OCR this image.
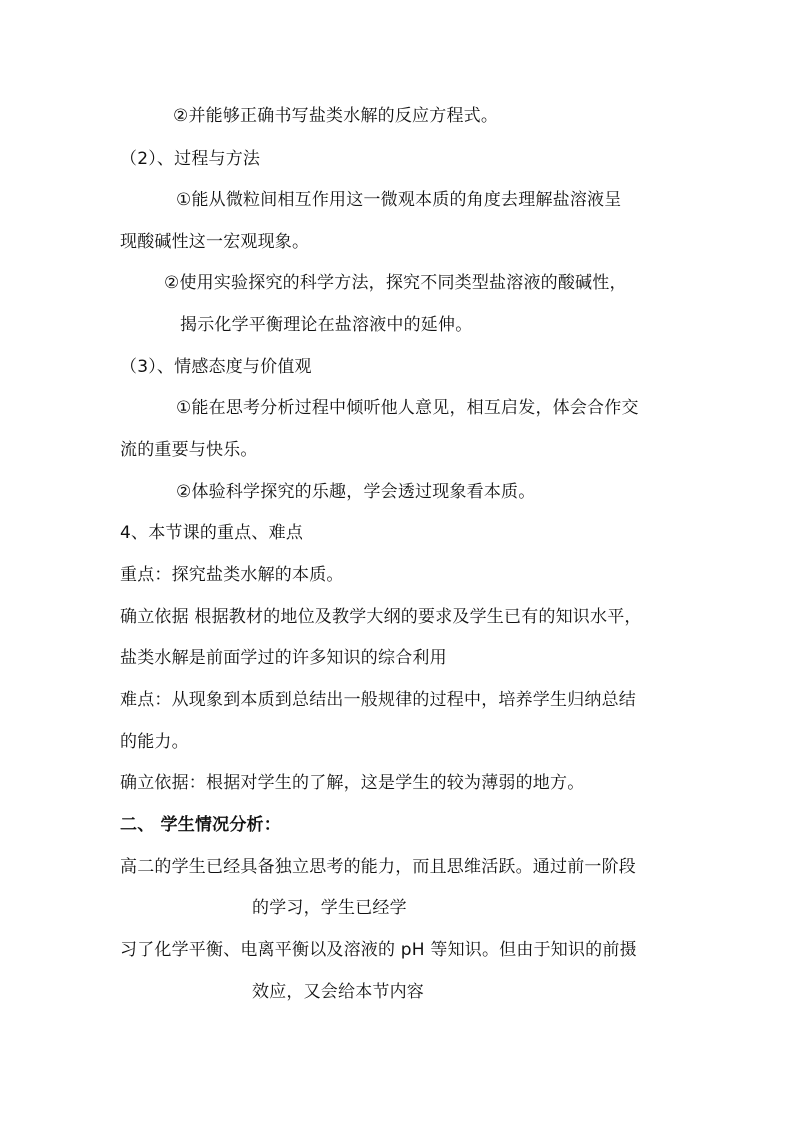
②并能够正确书写盐类水解的反应方程式。
（2）、过程与方法
①能从微粒间相互作用这一微观本质的角度去理解盐溶液呈
现酸碱性这一宏观现象。
②使用实验探究的科学方法，探究不同类型盐溶液的酸碱性，
揭示化学平衡理论在盐溶液中的延伸。
（3）、情感态度与价值观
①能在思考分析过程中倾听他人意见，相互启发，体会合作交
流的重要与快乐。
②体验科学探究的乐趣，学会透过现象看本质。
4、本节课的重点、难点
重点：探究盐类水解的本质。
确立依据 根据教材的地位及教学大纲的要求及学生已有的知识水平，
盐类水解是前面学过的许多知识的综合利用
难点：从现象到本质到总结出一般规律的过程中，培养学生归纳总结
的能力。
确立依据：根据对学生的了解，这是学生的较为薄弱的地方。
二、 学生情况分析：
高二的学生已经具备独立思考的能力，而且思维活跃。通过前一阶段
的学习，学生已经学
习了化学平衡、电离平衡以及溶液的 pH 等知识。但由于知识的前摄
效应，又会给本节内容
